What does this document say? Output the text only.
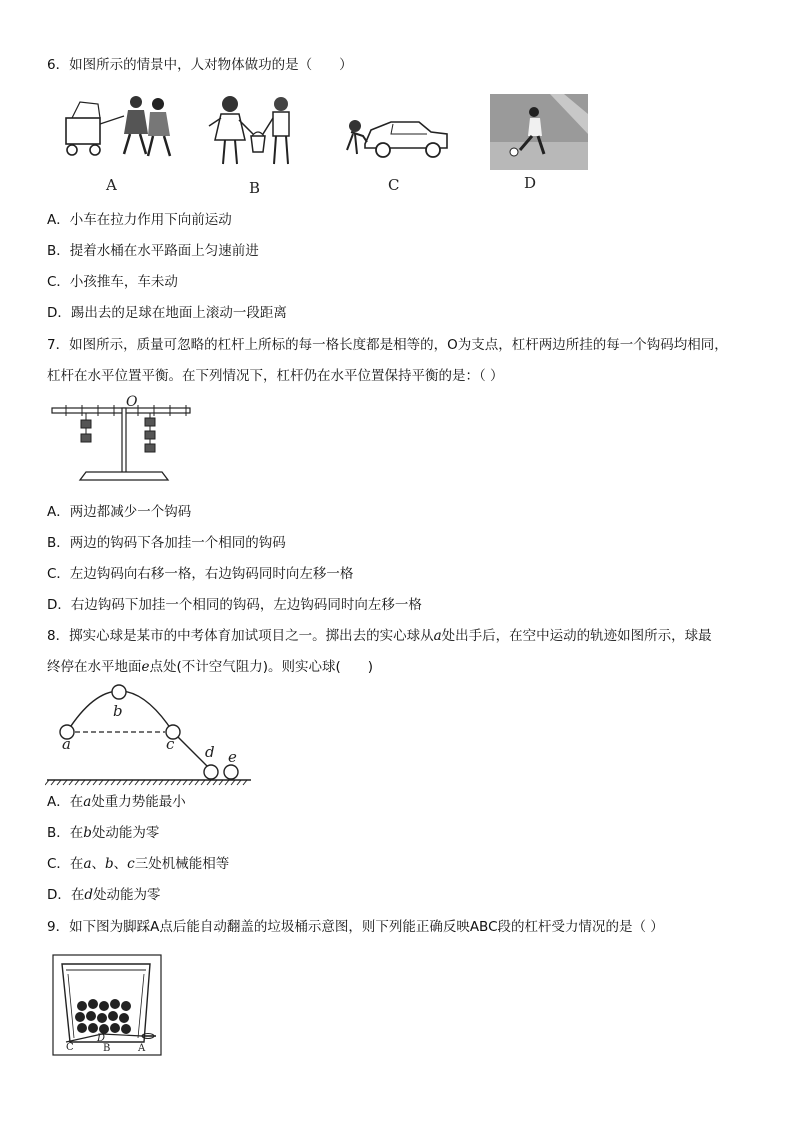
6．如图所示的情景中，人对物体做功的是（　　）
A	B	C	D
A．小车在拉力作用下向前运动
B．提着水桶在水平路面上匀速前进
C．小孩推车，车未动
D．踢出去的足球在地面上滚动一段距离
7．如图所示，质量可忽略的杠杆上所标的每一格长度都是相等的，O为支点，杠杆两边所挂的每一个钩码均相同，
杠杆在水平位置平衡。在下列情况下，杠杆仍在水平位置保持平衡的是：（ ）
O
A．两边都减少一个钩码
B．两边的钩码下各加挂一个相同的钩码
C．左边钩码向右移一格，右边钩码同时向左移一格
D．右边钩码下加挂一个相同的钩码，左边钩码同时向左移一格
8．掷实心球是某市的中考体育加试项目之一。掷出去的实心球从a处出手后，在空中运动的轨迹如图所示，球最
终停在水平地面e点处(不计空气阻力)。则实心球(　　)
a
b
c d e
A．在a处重力势能最小
B．在b处动能为零
C．在a、b、c三处机械能相等
D．在d处动能为零
9．如下图为脚踩A点后能自动翻盖的垃圾桶示意图，则下列能正确反映ABC段的杠杆受力情况的是（ ）
C
D
B	A
